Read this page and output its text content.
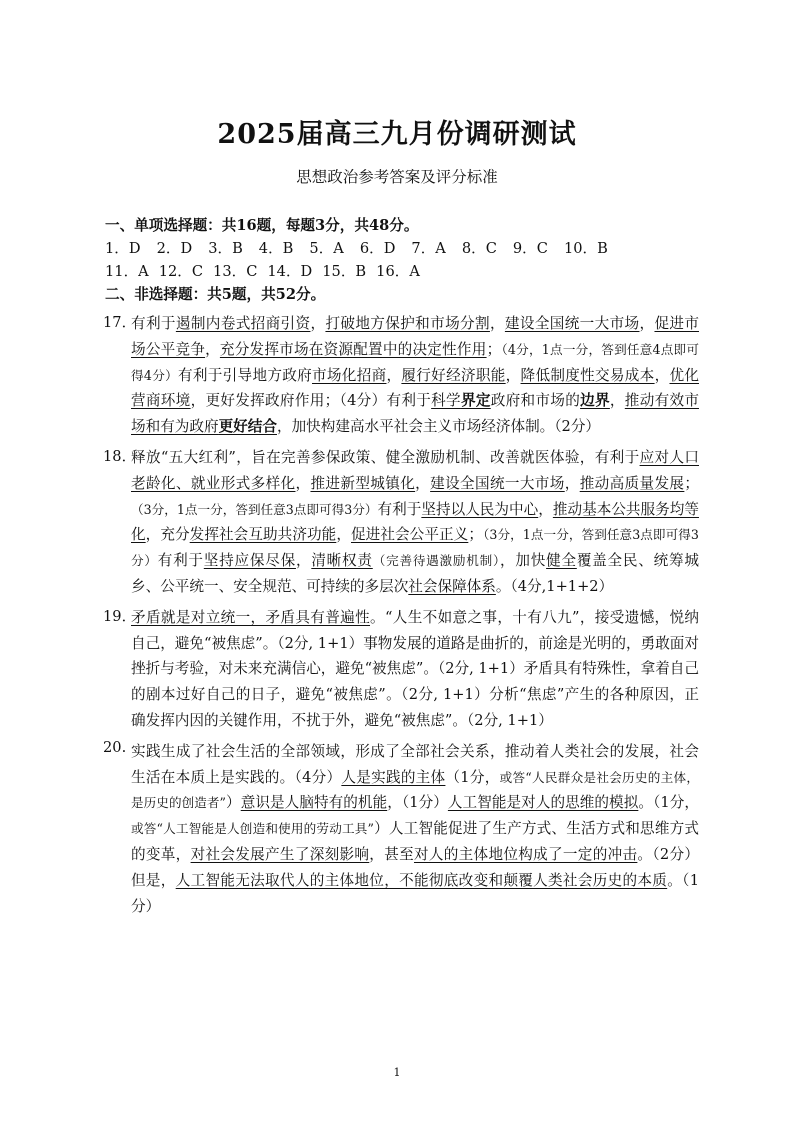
2025届高三九月份调研测试

思想政治参考答案及评分标准

一、单项选择题：共16题，每题3分，共48分。

1．D 2．D 3．B 4．B 5．A 6．D 7．A 8．C 9．C 10．B

11．A 12．C 13．C 14．D 15．B 16．A

二、非选择题：共5题，共52分。

17．
有利于遏制内卷式招商引资，打破地方保护和市场分割，建设全国统一大市场，促进市场公平竞争，充分发挥市场在资源配置中的决定性作用；（4分，1点一分，答到任意4点即可得4分）有利于引导地方政府市场化招商，履行好经济职能，降低制度性交易成本，优化营商环境，更好发挥政府作用；（4分）有利于科学界定政府和市场的边界，推动有效市场和有为政府更好结合，加快构建高水平社会主义市场经济体制。（2分）
18．
释放“五大红利”，旨在完善参保政策、健全激励机制、改善就医体验，有利于应对人口老龄化、就业形式多样化，推进新型城镇化，建设全国统一大市场，推动高质量发展；（3分，1点一分，答到任意3点即可得3分）有利于坚持以人民为中心，推动基本公共服务均等化，充分发挥社会互助共济功能，促进社会公平正义；（3分，1点一分，答到任意3点即可得3分）有利于坚持应保尽保，清晰权责（完善待遇激励机制），加快健全覆盖全民、统筹城乡、公平统一、安全规范、可持续的多层次社会保障体系。（4分,1+1+2）
19．
矛盾就是对立统一，矛盾具有普遍性。“人生不如意之事，十有八九”，接受遗憾，悦纳自己，避免“被焦虑”。（2分, 1+1）事物发展的道路是曲折的，前途是光明的，勇敢面对挫折与考验，对未来充满信心，避免“被焦虑”。（2分, 1+1）矛盾具有特殊性，拿着自己的剧本过好自己的日子，避免“被焦虑”。（2分, 1+1）分析“焦虑”产生的各种原因，正确发挥内因的关键作用，不扰于外，避免“被焦虑”。（2分, 1+1）
20. 实践生成了社会生活的全部领域，形成了全部社会关系，推动着人类社会的发展，社会生活在本质上是实践的。（4分）人是实践的主体（1分，或答“人民群众是社会历史的主体，是历史的创造者”）意识是人脑特有的机能，（1分）人工智能是对人的思维的模拟。（1分，或答“人工智能是人创造和使用的劳动工具”）人工智能促进了生产方式、生活方式和思维方式的变革，对社会发展产生了深刻影响，甚至对人的主体地位构成了一定的冲击。（2分）但是，人工智能无法取代人的主体地位，不能彻底改变和颠覆人类社会历史的本质。（1分）
1
